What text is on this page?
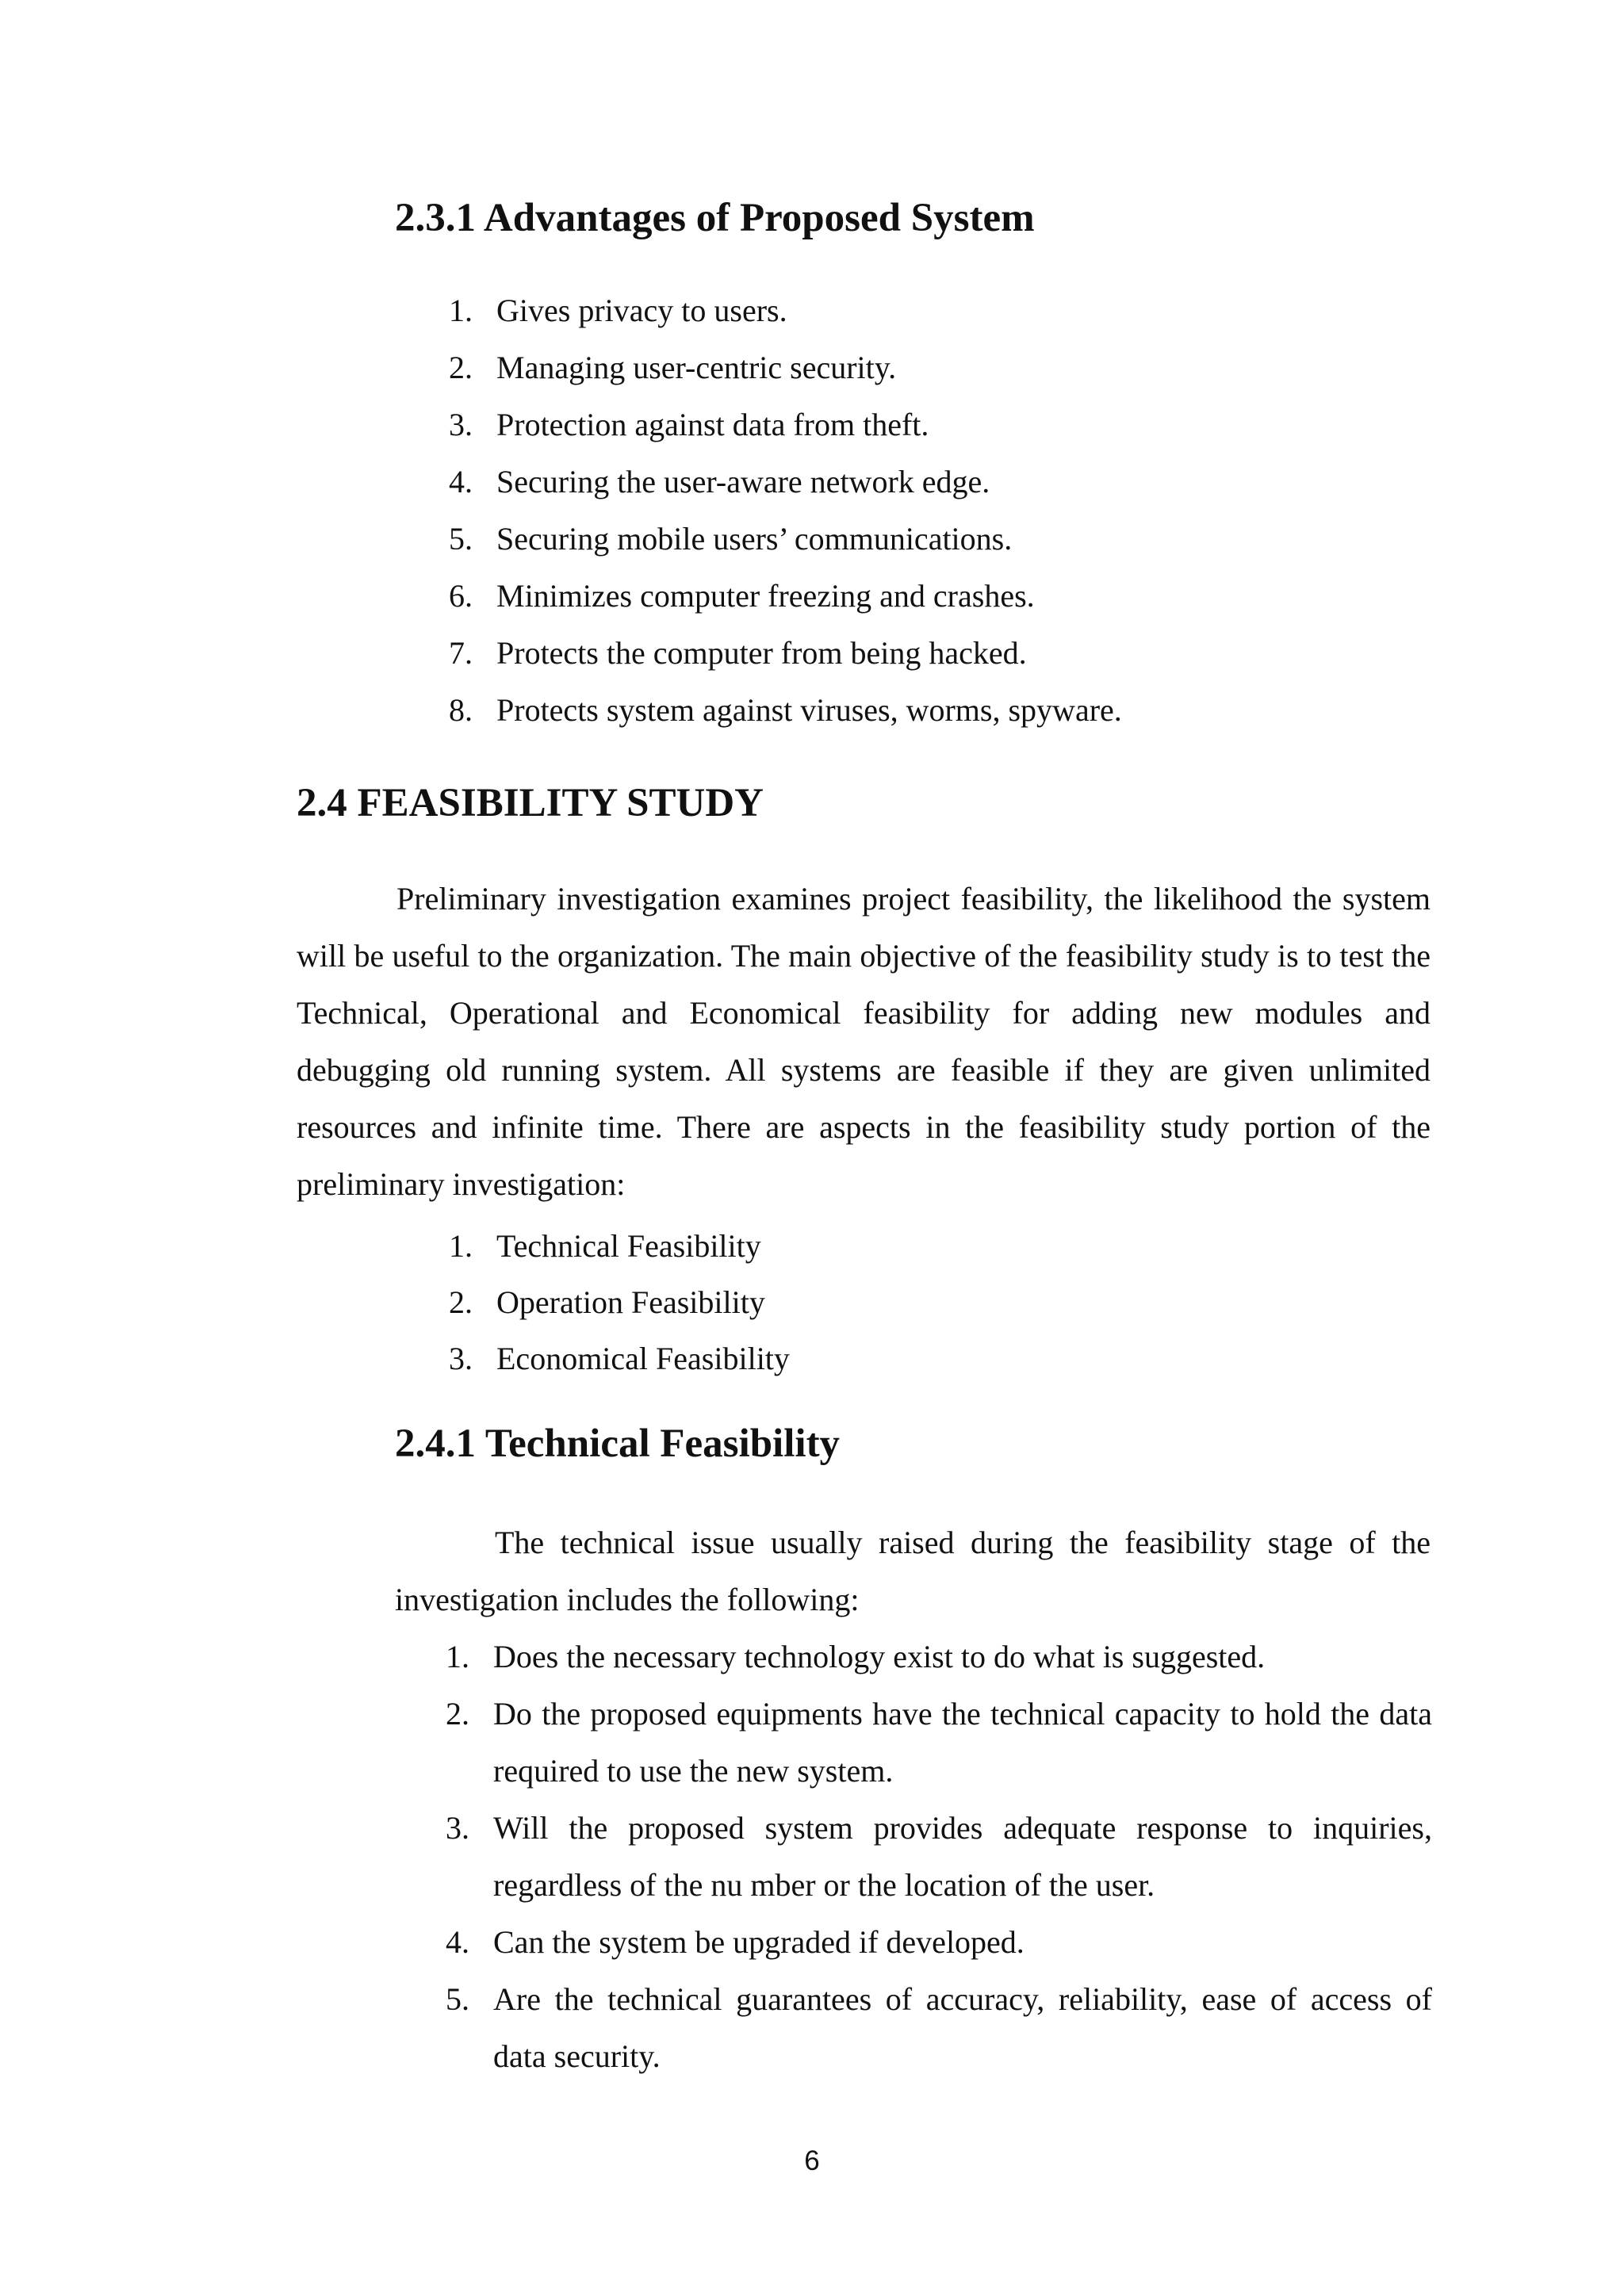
2.3.1 Advantages of Proposed System
1. Gives privacy to users.
2. Managing user-centric security.
3. Protection against data from theft.
4. Securing the user-aware network edge.
5. Securing mobile users’ communications.
6. Minimizes computer freezing and crashes.
7. Protects the computer from being hacked.
8. Protects system against viruses, worms, spyware.
2.4 FEASIBILITY STUDY

Preliminary investigation examines project feasibility, the likelihood the system will be useful to the organization. The main objective of the feasibility study is to test the Technical, Operational and Economical feasibility for adding new modules and debugging old running system. All systems are feasible if they are given unlimited resources and infinite time. There are aspects in the feasibility study portion of the preliminary investigation:

1. Technical Feasibility
2. Operation Feasibility
3. Economical Feasibility
2.4.1 Technical Feasibility

The technical issue usually raised during the feasibility stage of the investigation includes the following:

1. Does the necessary technology exist to do what is suggested.
2. Do the proposed equipments have the technical capacity to hold the data required to use the new system.
3. Will the proposed system provides adequate response to inquiries, regardless of the nu mber or the location of the user.
4. Can the system be upgraded if developed.
5. Are the technical guarantees of accuracy, reliability, ease of access of data security.
6
